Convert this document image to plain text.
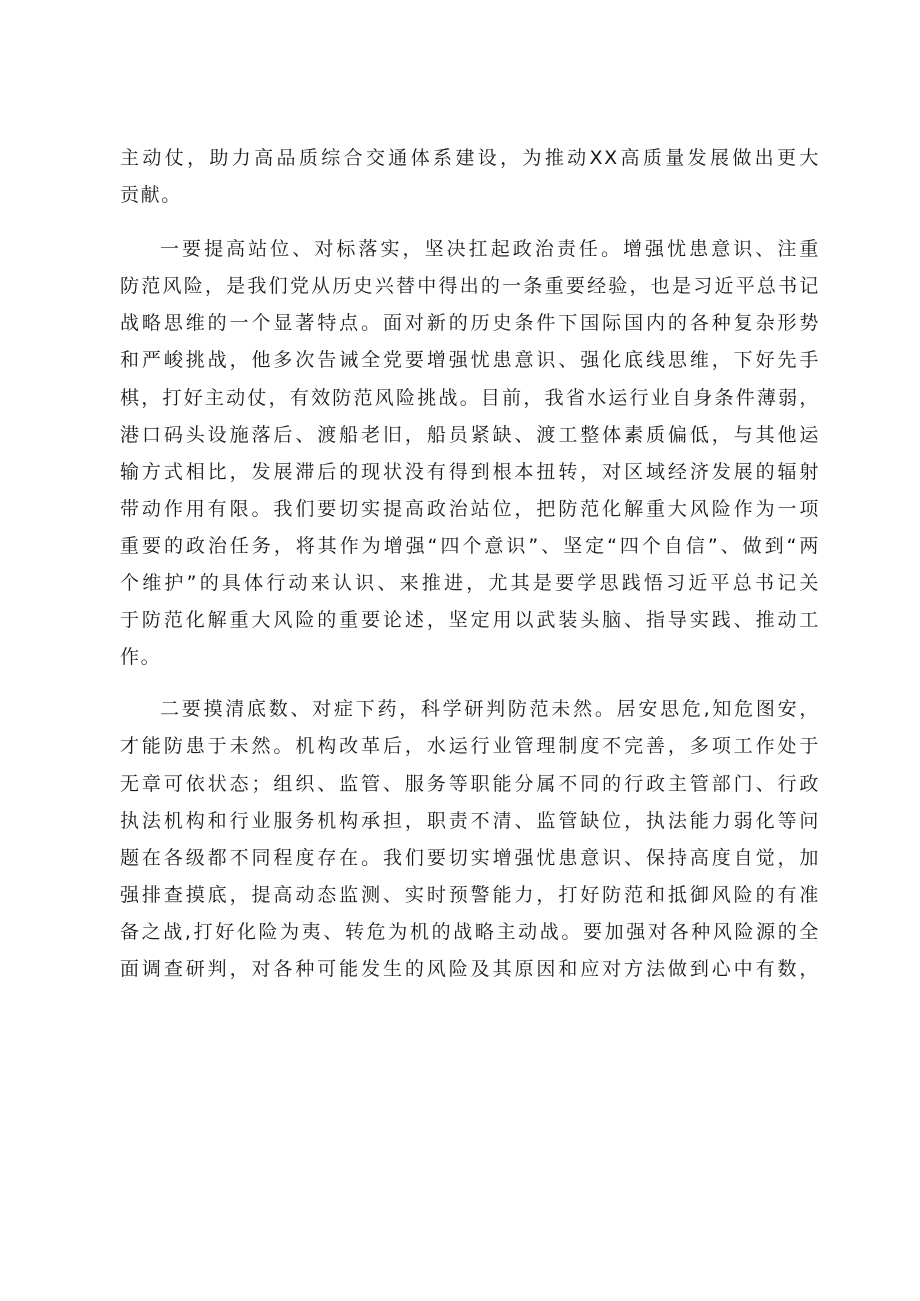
主动仗，助力高品质综合交通体系建设，为推动XX高质量发展做出更大
贡献。
一要提高站位、对标落实，坚决扛起政治责任。增强忧患意识、注重
防范风险，是我们党从历史兴替中得出的一条重要经验，也是习近平总书记
战略思维的一个显著特点。面对新的历史条件下国际国内的各种复杂形势
和严峻挑战，他多次告诫全党要增强忧患意识、强化底线思维，下好先手
棋，打好主动仗，有效防范风险挑战。目前，我省水运行业自身条件薄弱，
港口码头设施落后、渡船老旧，船员紧缺、渡工整体素质偏低，与其他运
输方式相比，发展滞后的现状没有得到根本扭转，对区域经济发展的辐射
带动作用有限。我们要切实提高政治站位，把防范化解重大风险作为一项
重要的政治任务，将其作为增强“四个意识”、坚定“四个自信”、做到“两
个维护”的具体行动来认识、来推进，尤其是要学思践悟习近平总书记关
于防范化解重大风险的重要论述，坚定用以武装头脑、指导实践、推动工
作。
二要摸清底数、对症下药，科学研判防范未然。居安思危,知危图安，
才能防患于未然。机构改革后，水运行业管理制度不完善，多项工作处于
无章可依状态；组织、监管、服务等职能分属不同的行政主管部门、行政
执法机构和行业服务机构承担，职责不清、监管缺位，执法能力弱化等问
题在各级都不同程度存在。我们要切实增强忧患意识、保持高度自觉，加
强排查摸底，提高动态监测、实时预警能力，打好防范和抵御风险的有准
备之战,打好化险为夷、转危为机的战略主动战。要加强对各种风险源的全
面调查研判，对各种可能发生的风险及其原因和应对方法做到心中有数，
